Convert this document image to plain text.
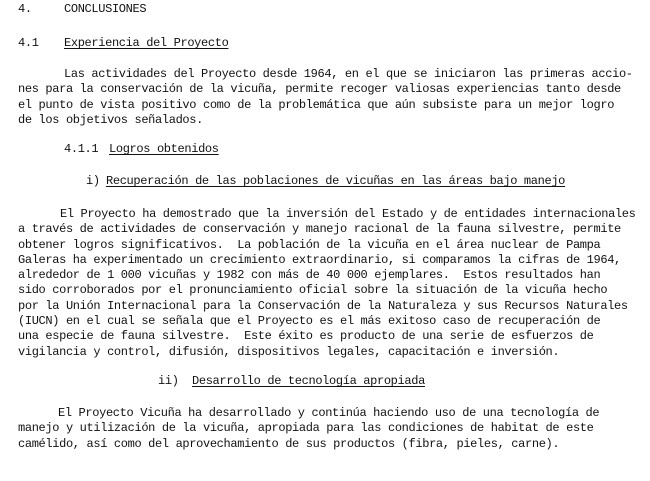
4.	CONCLUSIONES
4.1 Experiencia del Proyecto
Las actividades del Proyecto desde 1964, en el que se iniciaron las primeras accio-
nes para la conservación de la vicuña, permite recoger valiosas experiencias tanto desde
el punto de vista positivo como de la problemática que aún subsiste para un mejor logro
de los objetivos señalados.
4.1.1 Logros obtenidos
i) Recuperación de las poblaciones de vicuñas en las áreas bajo manejo
El Proyecto ha demostrado que la inversión del Estado y de entidades internacionales
a través de actividades de conservación y manejo racional de la fauna silvestre, permite
obtener logros significativos.  La población de la vicuña en el área nuclear de Pampa
Galeras ha experimentado un crecimiento extraordinario, si comparamos la cifras de 1964,
alrededor de 1 000 vicuñas y 1982 con más de 40 000 ejemplares.  Estos resultados han
sido corroborados por el pronunciamiento oficial sobre la situación de la vicuña hecho
por la Unión Internacional para la Conservación de la Naturaleza y sus Recursos Naturales
(IUCN) en el cual se señala que el Proyecto es el más exitoso caso de recuperación de
una especie de fauna silvestre.  Este éxito es producto de una serie de esfuerzos de
vigilancia y control, difusión, dispositivos legales, capacitación e inversión.
ii) Desarrollo de tecnología apropiada
El Proyecto Vicuña ha desarrollado y continúa haciendo uso de una tecnología de
manejo y utilización de la vicuña, apropiada para las condiciones de habitat de este
camélido, así como del aprovechamiento de sus productos (fibra, pieles, carne).
